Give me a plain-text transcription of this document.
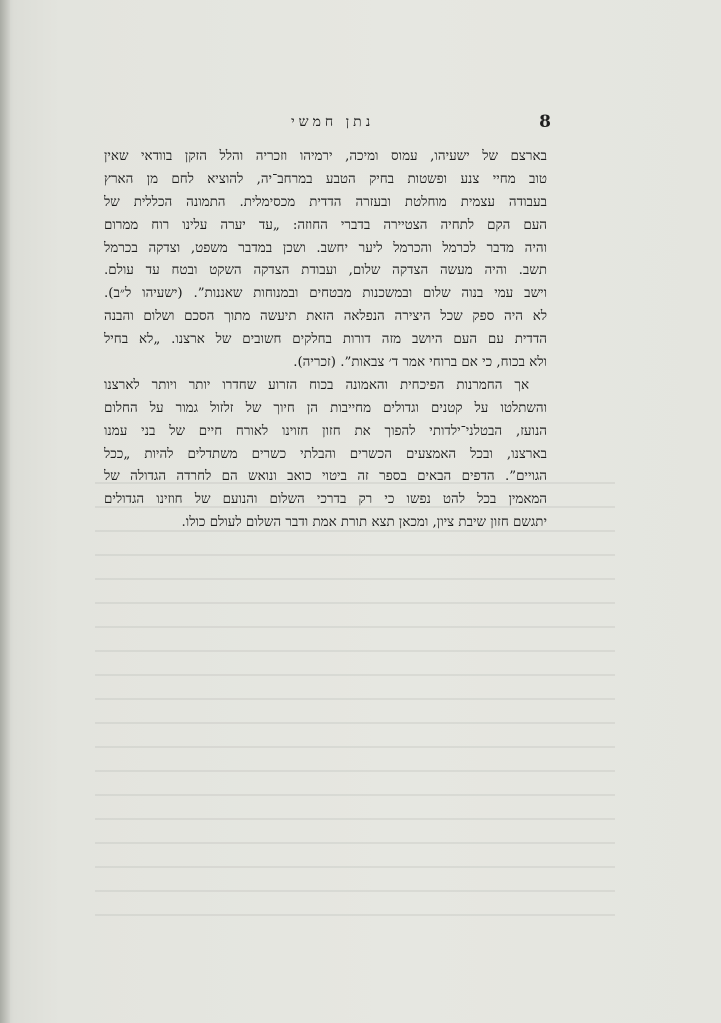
נתן חמשי	8
בארצם של ישעיהו, עמוס ומיכה, ירמיהו וזכריה והלל הזקן בוודאי שאין
טוב מחיי צנע ופשטות בחיק הטבע במרחב־יה, להוציא לחם מן הארץ
בעבודה עצמית מוחלטת ובעזרה הדדית מכסימלית. התמונה הכללית של
העם הקם לתחיה הצטיירה בדברי החוזה: „עד יערה עלינו רוח ממרום
והיה מדבר לכרמל והכרמל ליער יחשב. ושכן במדבר משפט, וצדקה בכרמל
תשב. והיה מעשה הצדקה שלום, ועבודת הצדקה השקט ובטח עד עולם.
וישב עמי בנוה שלום ובמשכנות מבטחים ובמנוחות שאננות”. (ישעיהו ל״ב).
לא היה ספק שכל היצירה הנפלאה הזאת תיעשה מתוך הסכם ושלום והבנה
הדדית עם העם היושב מזה דורות בחלקים חשובים של ארצנו. „לא בחיל
ולא בכוח, כי אם ברוחי אמר ד׳ צבאות”. (זכריה).
אך החמרנות הפיכחית והאמונה בכוח הזרוע שחדרו יותר ויותר לארצנו
והשתלטו על קטנים וגדולים מחייבות הן חיוך של זלזול גמור על החלום
הנועז, הבטלני־ילדותי להפוך את חזון חזוינו לאורח חיים של בני עמנו
בארצנו, ובכל האמצעים הכשרים והבלתי כשרים משתדלים להיות „ככל
הגויים”. הדפים הבאים בספר זה ביטוי כואב ונואש הם לחרדה הגדולה של
המאמין בכל להט נפשו כי רק בדרכי השלום והנועם של חוזינו הגדולים
יתגשם חזון שיבת ציון, ומכאן תצא תורת אמת ודבר השלום לעולם כולו.
